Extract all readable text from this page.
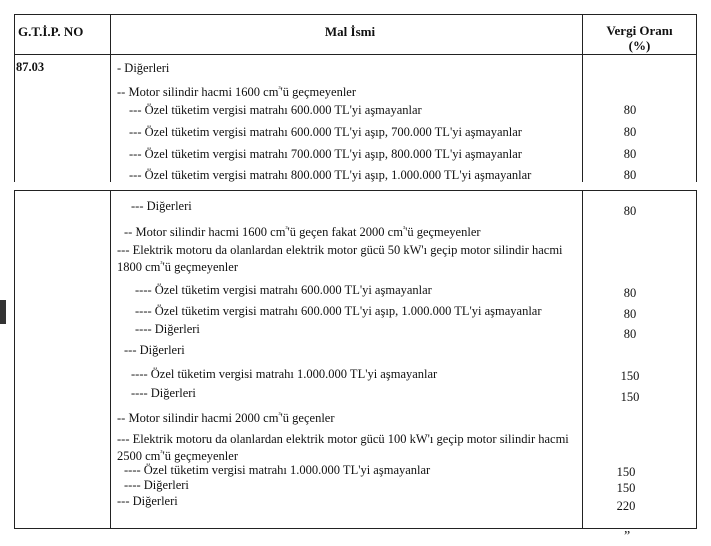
G.T.İ.P. NO	Mal İsmi	Vergi Oranı
(%)
87.03	- Diğerleri
-- Motor silindir hacmi 1600 $cm^{^3}'ü$ geçmeyenler
--- Özel tüketim vergisi matrahı 600.000 TL'yi aşmayanlar	80
--- Özel tüketim vergisi matrahı 600.000 TL'yi aşıp, 700.000 TL'yi aşmayanlar	80
--- Özel tüketim vergisi matrahı 700.000 TL'yi aşıp, 800.000 TL'yi aşmayanlar	80
--- Özel tüketim vergisi matrahı 800.000 TL'yi aşıp, 1.000.000 TL'yi aşmayanlar	80
--- Diğerleri	80
-- Motor silindir hacmi 1600 $cm^{^3}'ü$ geçen fakat 2000 $cm^{^3}'ü$ geçmeyenler
--- Elektrik motoru da olanlardan elektrik motor gücü 50 kW'ı geçip motor silindir hacmi 1800 $cm^{^3}'ü$ geçmeyenler
---- Özel tüketim vergisi matrahı 600.000 TL'yi aşmayanlar	80
---- Özel tüketim vergisi matrahı 600.000 TL'yi aşıp, 1.000.000 TL'yi aşmayanlar	80
---- Diğerleri	80
--- Diğerleri
---- Özel tüketim vergisi matrahı 1.000.000 TL'yi aşmayanlar	150
---- Diğerleri	150
-- Motor silindir hacmi 2000 $cm^{^3}'ü$ geçenler
--- Elektrik motoru da olanlardan elektrik motor gücü 100 kW'ı geçip motor silindir hacmi 2500 $cm^{^3}'ü$ geçmeyenler
---- Özel tüketim vergisi matrahı 1.000.000 TL'yi aşmayanlar	150
---- Diğerleri	150
--- Diğerleri	220
”
